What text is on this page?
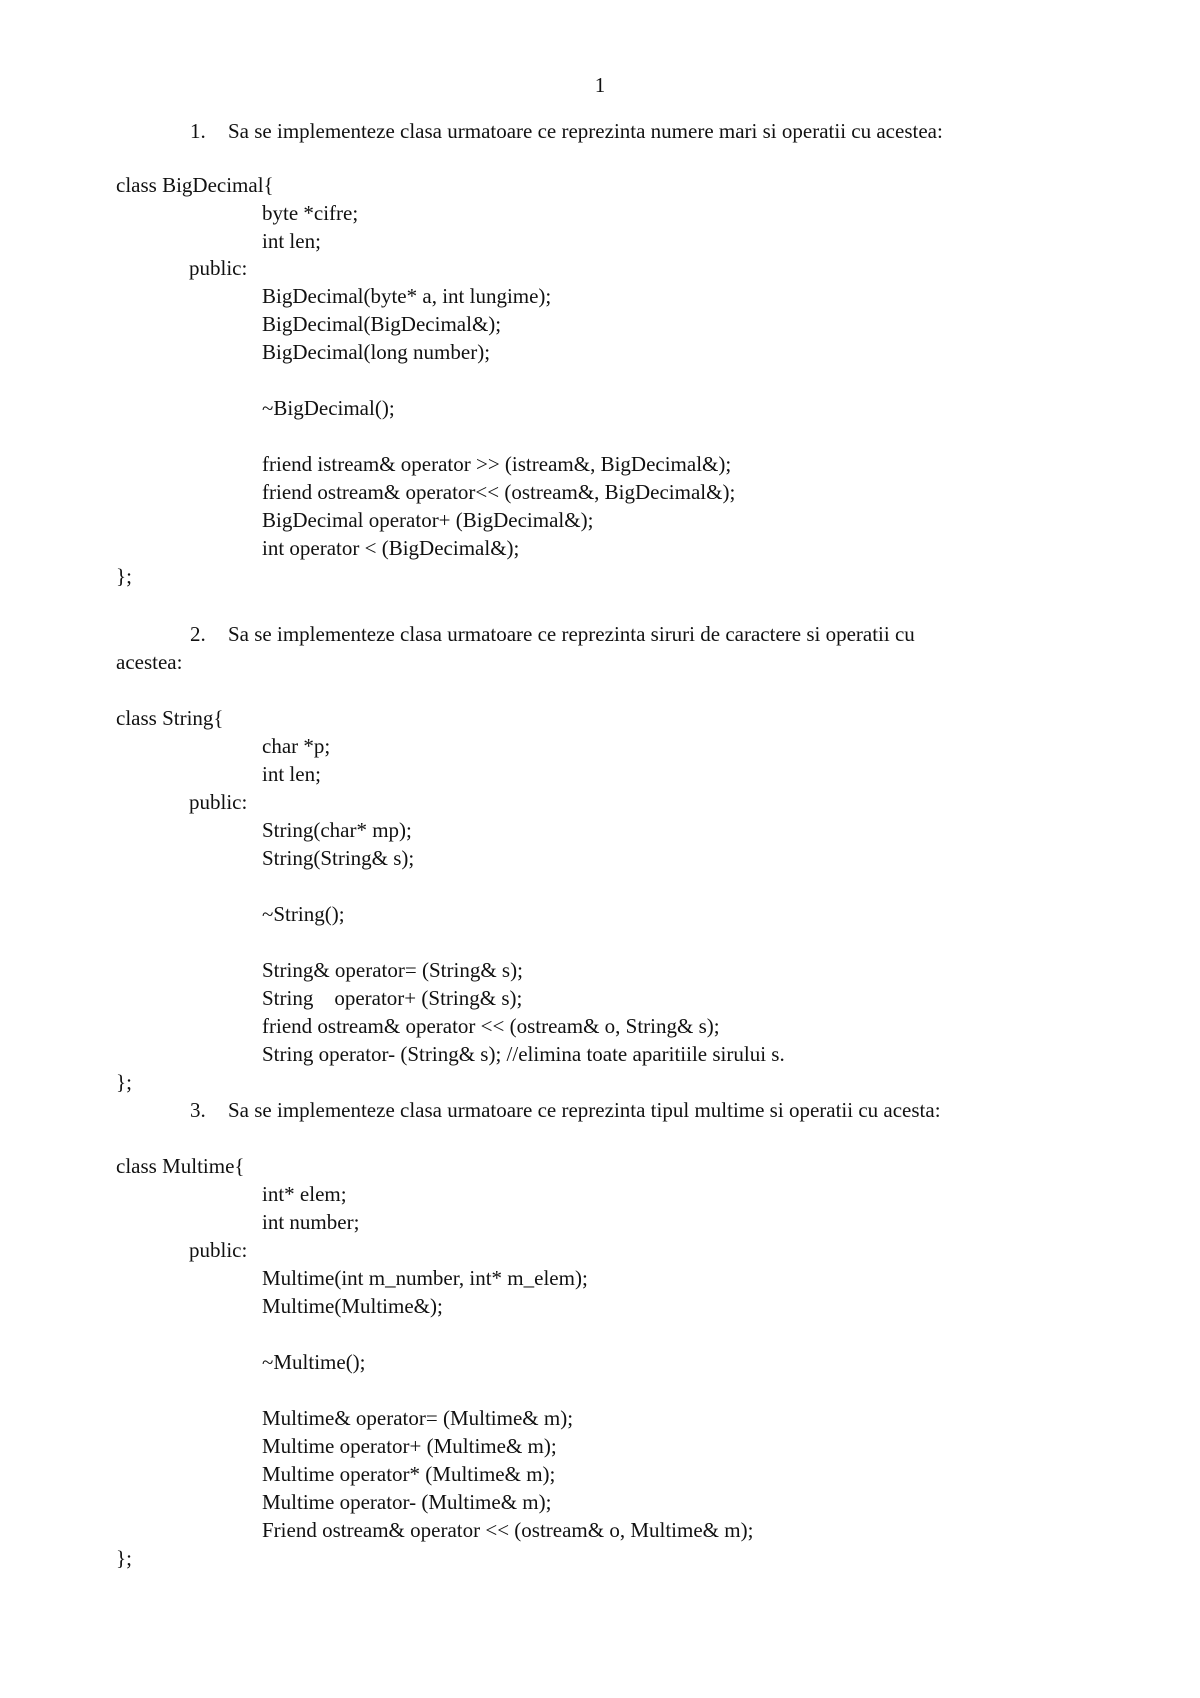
1
1. Sa se implementeze clasa urmatoare ce reprezinta numere mari si operatii cu acestea:
class BigDecimal{
byte *cifre;
int len;
public:
BigDecimal(byte* a, int lungime);
BigDecimal(BigDecimal&);
BigDecimal(long number);
~BigDecimal();
friend istream& operator >> (istream&, BigDecimal&);
friend ostream& operator<< (ostream&, BigDecimal&);
BigDecimal operator+ (BigDecimal&);
int operator < (BigDecimal&);
};
2. Sa se implementeze clasa urmatoare ce reprezinta siruri de caractere si operatii cu
acestea:
class String{
char *p;
int len;
public:
String(char* mp);
String(String& s);
~String();
String& operator= (String& s);
String    operator+ (String& s);
friend ostream& operator << (ostream& o, String& s);
String operator- (String& s); //elimina toate aparitiile sirului s.
};
3. Sa se implementeze clasa urmatoare ce reprezinta tipul multime si operatii cu acesta:
class Multime{
int* elem;
int number;
public:
Multime(int m_number, int* m_elem);
Multime(Multime&);
~Multime();
Multime& operator= (Multime& m);
Multime operator+ (Multime& m);
Multime operator* (Multime& m);
Multime operator- (Multime& m);
Friend ostream& operator << (ostream& o, Multime& m);
};
